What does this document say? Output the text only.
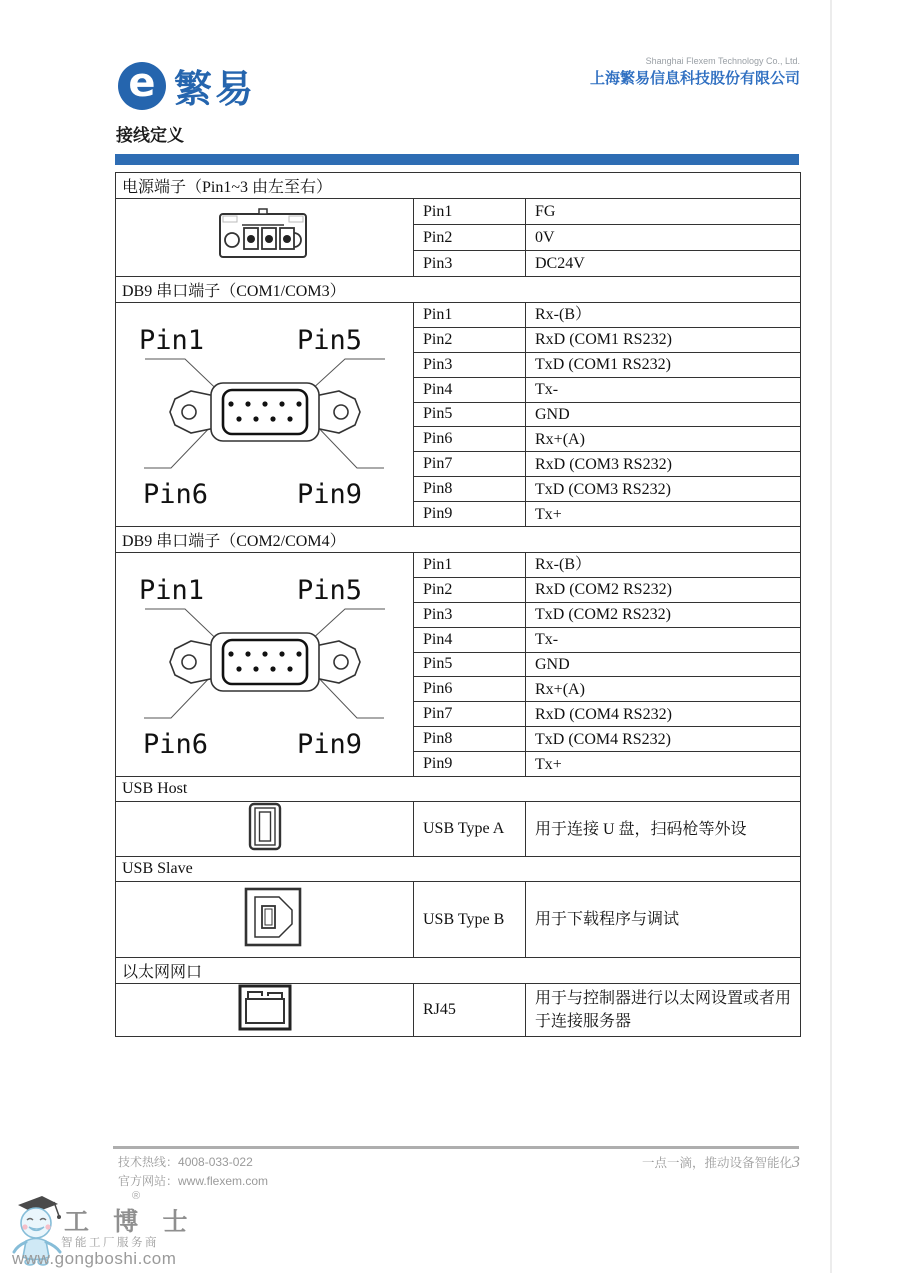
e 繁易
Shanghai Flexem Technology Co., Ltd.
上海繁易信息科技股份有限公司
接线定义
电源端子（Pin1~3 由左至右）		
	Pin1	FG
	Pin2	0V
	Pin3	DC24V
DB9 串口端子（COM1/COM3）		

Pin1 Pin5
Pin6 Pin9	Pin1	Rx-(B）
	Pin2	RxD (COM1 RS232)
	Pin3	TxD (COM1 RS232)
	Pin4	Tx-
	Pin5	GND
	Pin6	Rx+(A)
	Pin7	RxD (COM3 RS232)
	Pin8	TxD (COM3 RS232)
	Pin9	Tx+
DB9 串口端子（COM2/COM4）		

Pin1 Pin5
Pin6 Pin9	Pin1	Rx-(B）
	Pin2	RxD (COM2 RS232)
	Pin3	TxD (COM2 RS232)
	Pin4	Tx-
	Pin5	GND
	Pin6	Rx+(A)
	Pin7	RxD (COM4 RS232)
	Pin8	TxD (COM4 RS232)
	Pin9	Tx+
USB Host		
	USB Type A	用于连接 U 盘，扫码枪等外设
USB Slave		
	USB Type B	用于下载程序与调试
以太网网口		
	RJ45	用于与控制器进行以太网设置或者用于连接服务器
技术热线：4008-033-022
官方网站：www.flexem.com
一点一滴，推动设备智能化3
®
工 博 士
智能工厂服务商
www.gongboshi.com
